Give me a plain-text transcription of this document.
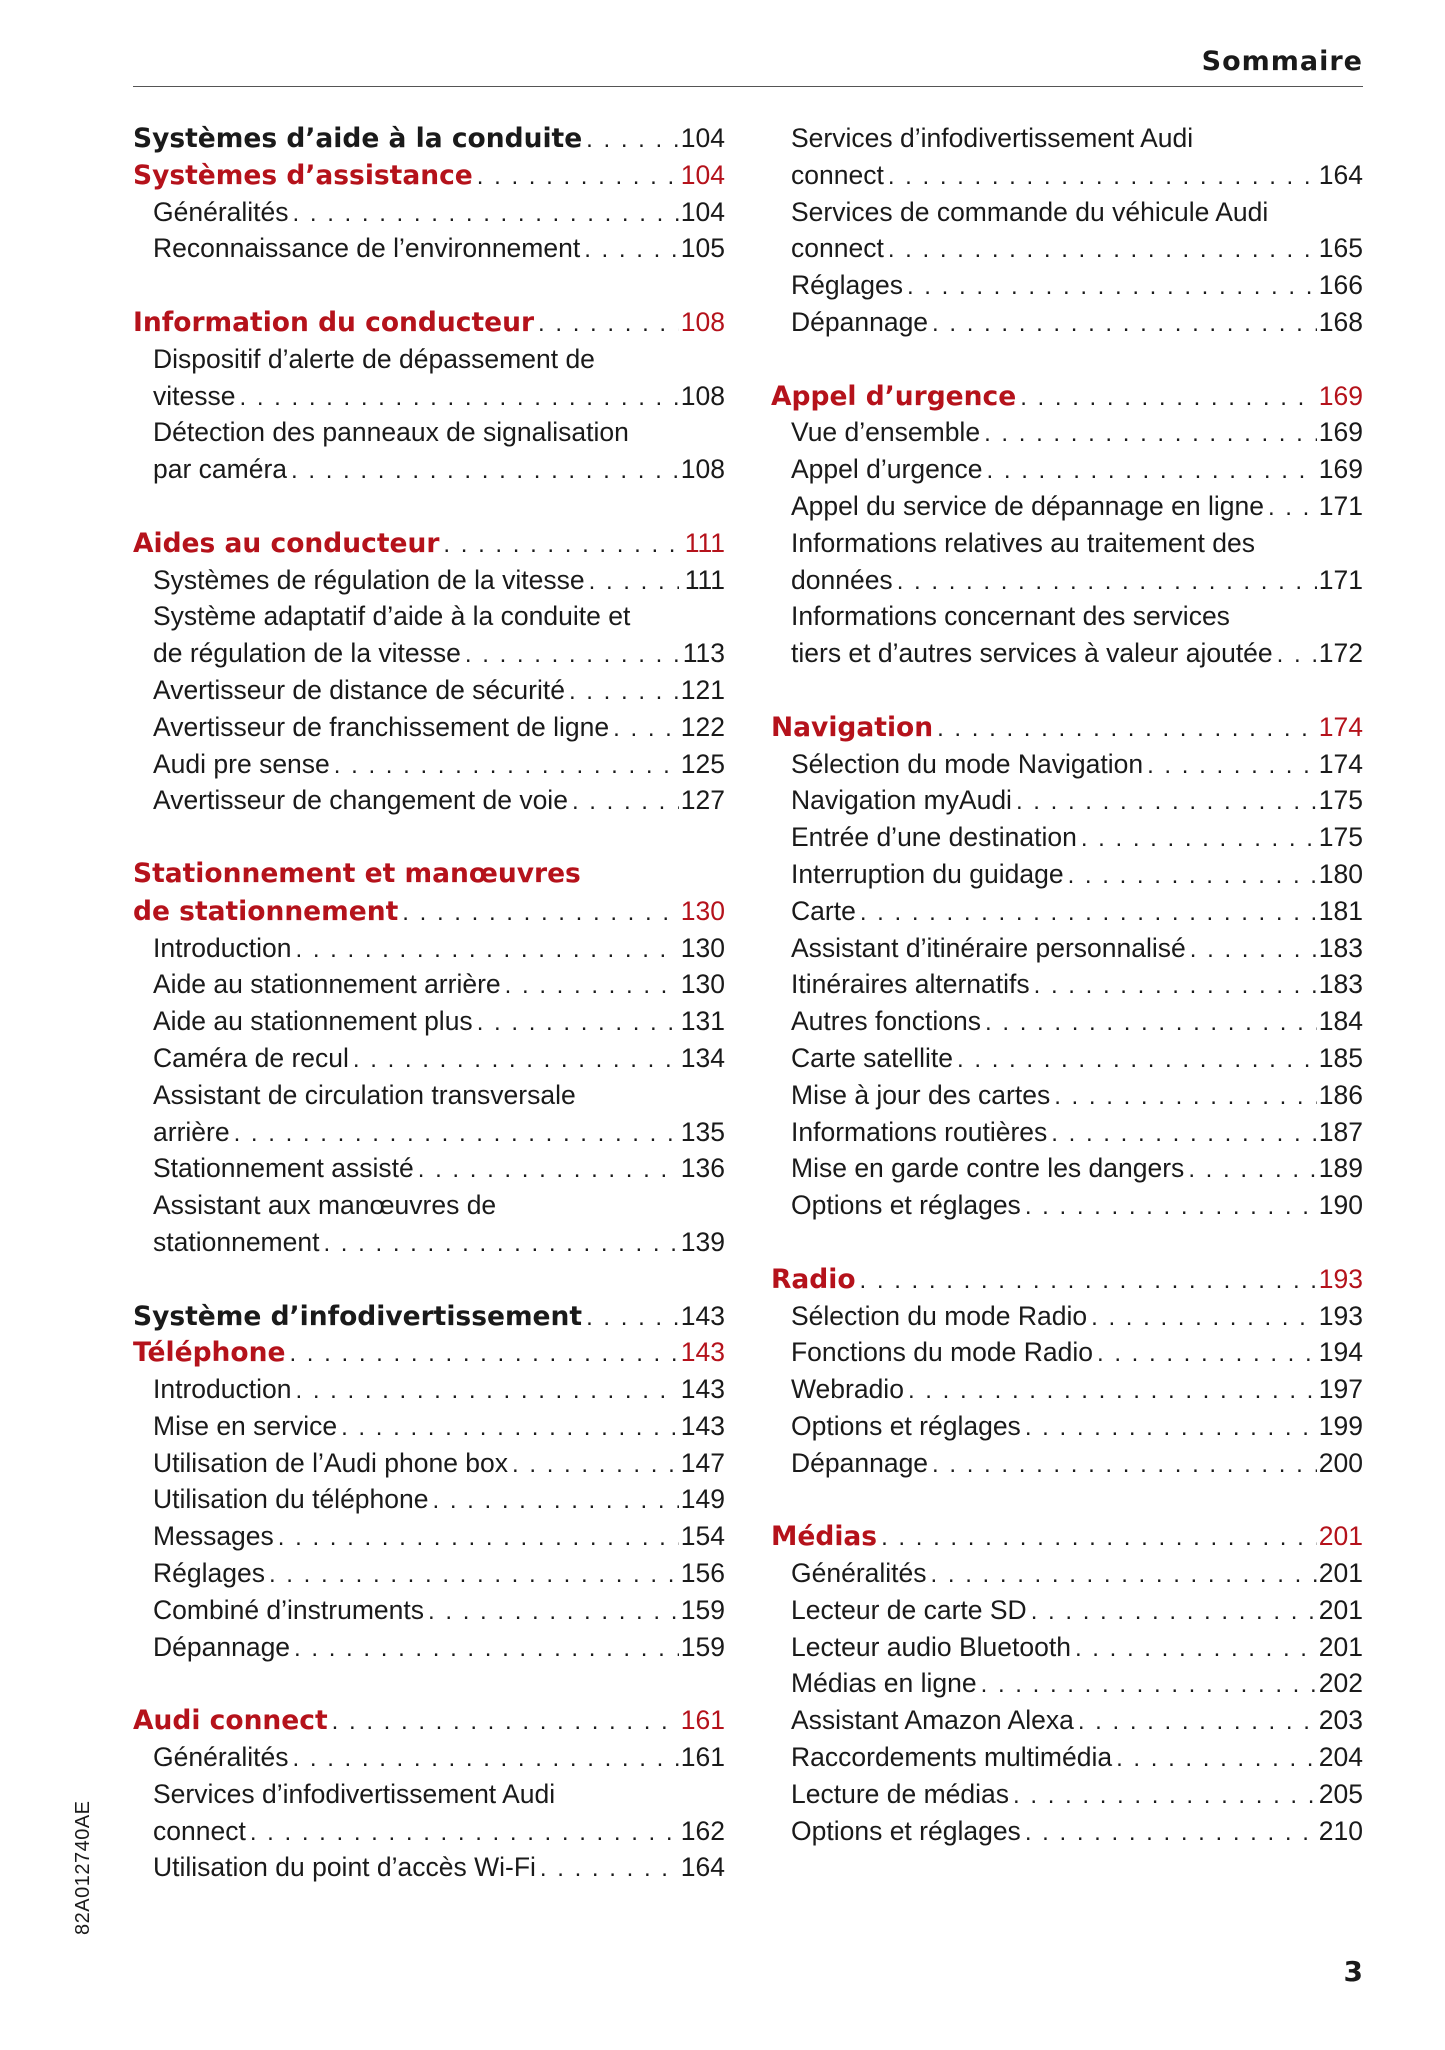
Sommaire
Systèmes d’aide à la conduite . . .	104
Systèmes d’assistance . . .	104
Généralités . . .	104
Reconnaissance de l’environnement . . .	105
Information du conducteur . . .	108
Dispositif d’alerte de dépassement de
vitesse . . .	108
Détection des panneaux de signalisation
par caméra . . .	108
Aides au conducteur . . .	111
Systèmes de régulation de la vitesse . . .	111
Système adaptatif d’aide à la conduite et
de régulation de la vitesse . . .	113
Avertisseur de distance de sécurité . . .	121
Avertisseur de franchissement de ligne . . .	122
Audi pre sense . . .	125
Avertisseur de changement de voie . . .	127
Stationnement et manœuvres
de stationnement . . .	130
Introduction . . .	130
Aide au stationnement arrière . . .	130
Aide au stationnement plus . . .	131
Caméra de recul . . .	134
Assistant de circulation transversale
arrière . . .	135
Stationnement assisté . . .	136
Assistant aux manœuvres de
stationnement . . .	139
Système d’infodivertissement . . .	143
Téléphone . . .	143
Introduction . . .	143
Mise en service . . .	143
Utilisation de l’Audi phone box . . .	147
Utilisation du téléphone . . .	149
Messages . . .	154
Réglages . . .	156
Combiné d’instruments . . .	159
Dépannage . . .	159
Audi connect . . .	161
Généralités . . .	161
Services d’infodivertissement Audi
connect . . .	162
Utilisation du point d’accès Wi-Fi . . .	164
Services d’infodivertissement Audi
connect . . .	164
Services de commande du véhicule Audi
connect . . .	165
Réglages . . .	166
Dépannage . . .	168
Appel d’urgence . . .	169
Vue d’ensemble . . .	169
Appel d’urgence . . .	169
Appel du service de dépannage en ligne . . . 171
Informations relatives au traitement des
données . . .	171
Informations concernant des services
tiers et d’autres services à valeur ajoutée . . . 172
Navigation . . .	174
Sélection du mode Navigation . . .	174
Navigation myAudi . . .	175
Entrée d’une destination . . .	175
Interruption du guidage . . .	180
Carte . . .	181
Assistant d’itinéraire personnalisé . . .	183
Itinéraires alternatifs . . .	183
Autres fonctions . . .	184
Carte satellite . . .	185
Mise à jour des cartes . . .	186
Informations routières . . .	187
Mise en garde contre les dangers . . .	189
Options et réglages . . .	190
Radio . . .	193
Sélection du mode Radio . . .	193
Fonctions du mode Radio . . .	194
Webradio . . .	197
Options et réglages . . .	199
Dépannage . . .	200
Médias . . .	201
Généralités . . .	201
Lecteur de carte SD . . .	201
Lecteur audio Bluetooth . . .	201
Médias en ligne . . .	202
Assistant Amazon Alexa . . .	203
Raccordements multimédia . . .	204
Lecture de médias . . .	205
Options et réglages . . .	210
82A012740AE
3
